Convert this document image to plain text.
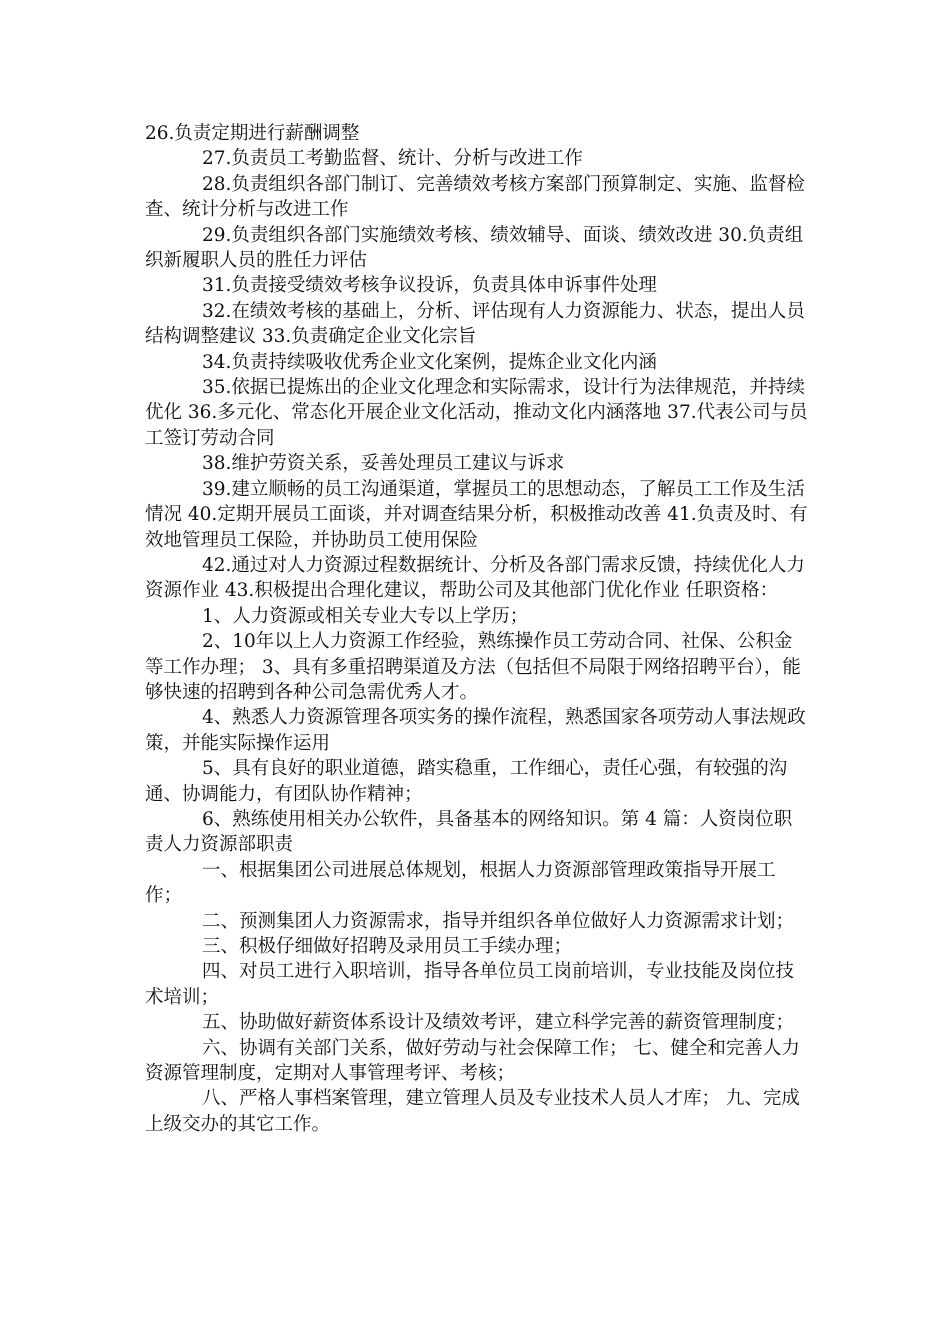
26.负责定期进行薪酬调整

27.负责员工考勤监督、统计、分析与改进工作

28.负责组织各部门制订、完善绩效考核方案部门预算制定、实施、监督检查、统计分析与改进工作

29.负责组织各部门实施绩效考核、绩效辅导、面谈、绩效改进 30.负责组织新履职人员的胜任力评估

31.负责接受绩效考核争议投诉，负责具体申诉事件处理

32.在绩效考核的基础上，分析、评估现有人力资源能力、状态，提出人员结构调整建议 33.负责确定企业文化宗旨

34.负责持续吸收优秀企业文化案例，提炼企业文化内涵

35.依据已提炼出的企业文化理念和实际需求，设计行为法律规范，并持续优化 36.多元化、常态化开展企业文化活动，推动文化内涵落地 37.代表公司与员工签订劳动合同

38.维护劳资关系，妥善处理员工建议与诉求

39.建立顺畅的员工沟通渠道，掌握员工的思想动态，了解员工工作及生活情况 40.定期开展员工面谈，并对调查结果分析，积极推动改善 41.负责及时、有效地管理员工保险，并协助员工使用保险

42.通过对人力资源过程数据统计、分析及各部门需求反馈，持续优化人力资源作业 43.积极提出合理化建议，帮助公司及其他部门优化作业 任职资格：

1、人力资源或相关专业大专以上学历；

2、10年以上人力资源工作经验，熟练操作员工劳动合同、社保、公积金等工作办理； 3、具有多重招聘渠道及方法（包括但不局限于网络招聘平台），能够快速的招聘到各种公司急需优秀人才。

4、熟悉人力资源管理各项实务的操作流程，熟悉国家各项劳动人事法规政策，并能实际操作运用

5、具有良好的职业道德，踏实稳重，工作细心，责任心强，有较强的沟通、协调能力，有团队协作精神；

6、熟练使用相关办公软件，具备基本的网络知识。第 4 篇：人资岗位职责人力资源部职责

一、根据集团公司进展总体规划，根据人力资源部管理政策指导开展工作；

二、预测集团人力资源需求，指导并组织各单位做好人力资源需求计划；

三、积极仔细做好招聘及录用员工手续办理；

四、对员工进行入职培训，指导各单位员工岗前培训，专业技能及岗位技术培训；

五、协助做好薪资体系设计及绩效考评，建立科学完善的薪资管理制度；

六、协调有关部门关系，做好劳动与社会保障工作； 七、健全和完善人力资源管理制度，定期对人事管理考评、考核；

八、严格人事档案管理，建立管理人员及专业技术人员人才库； 九、完成上级交办的其它工作。
